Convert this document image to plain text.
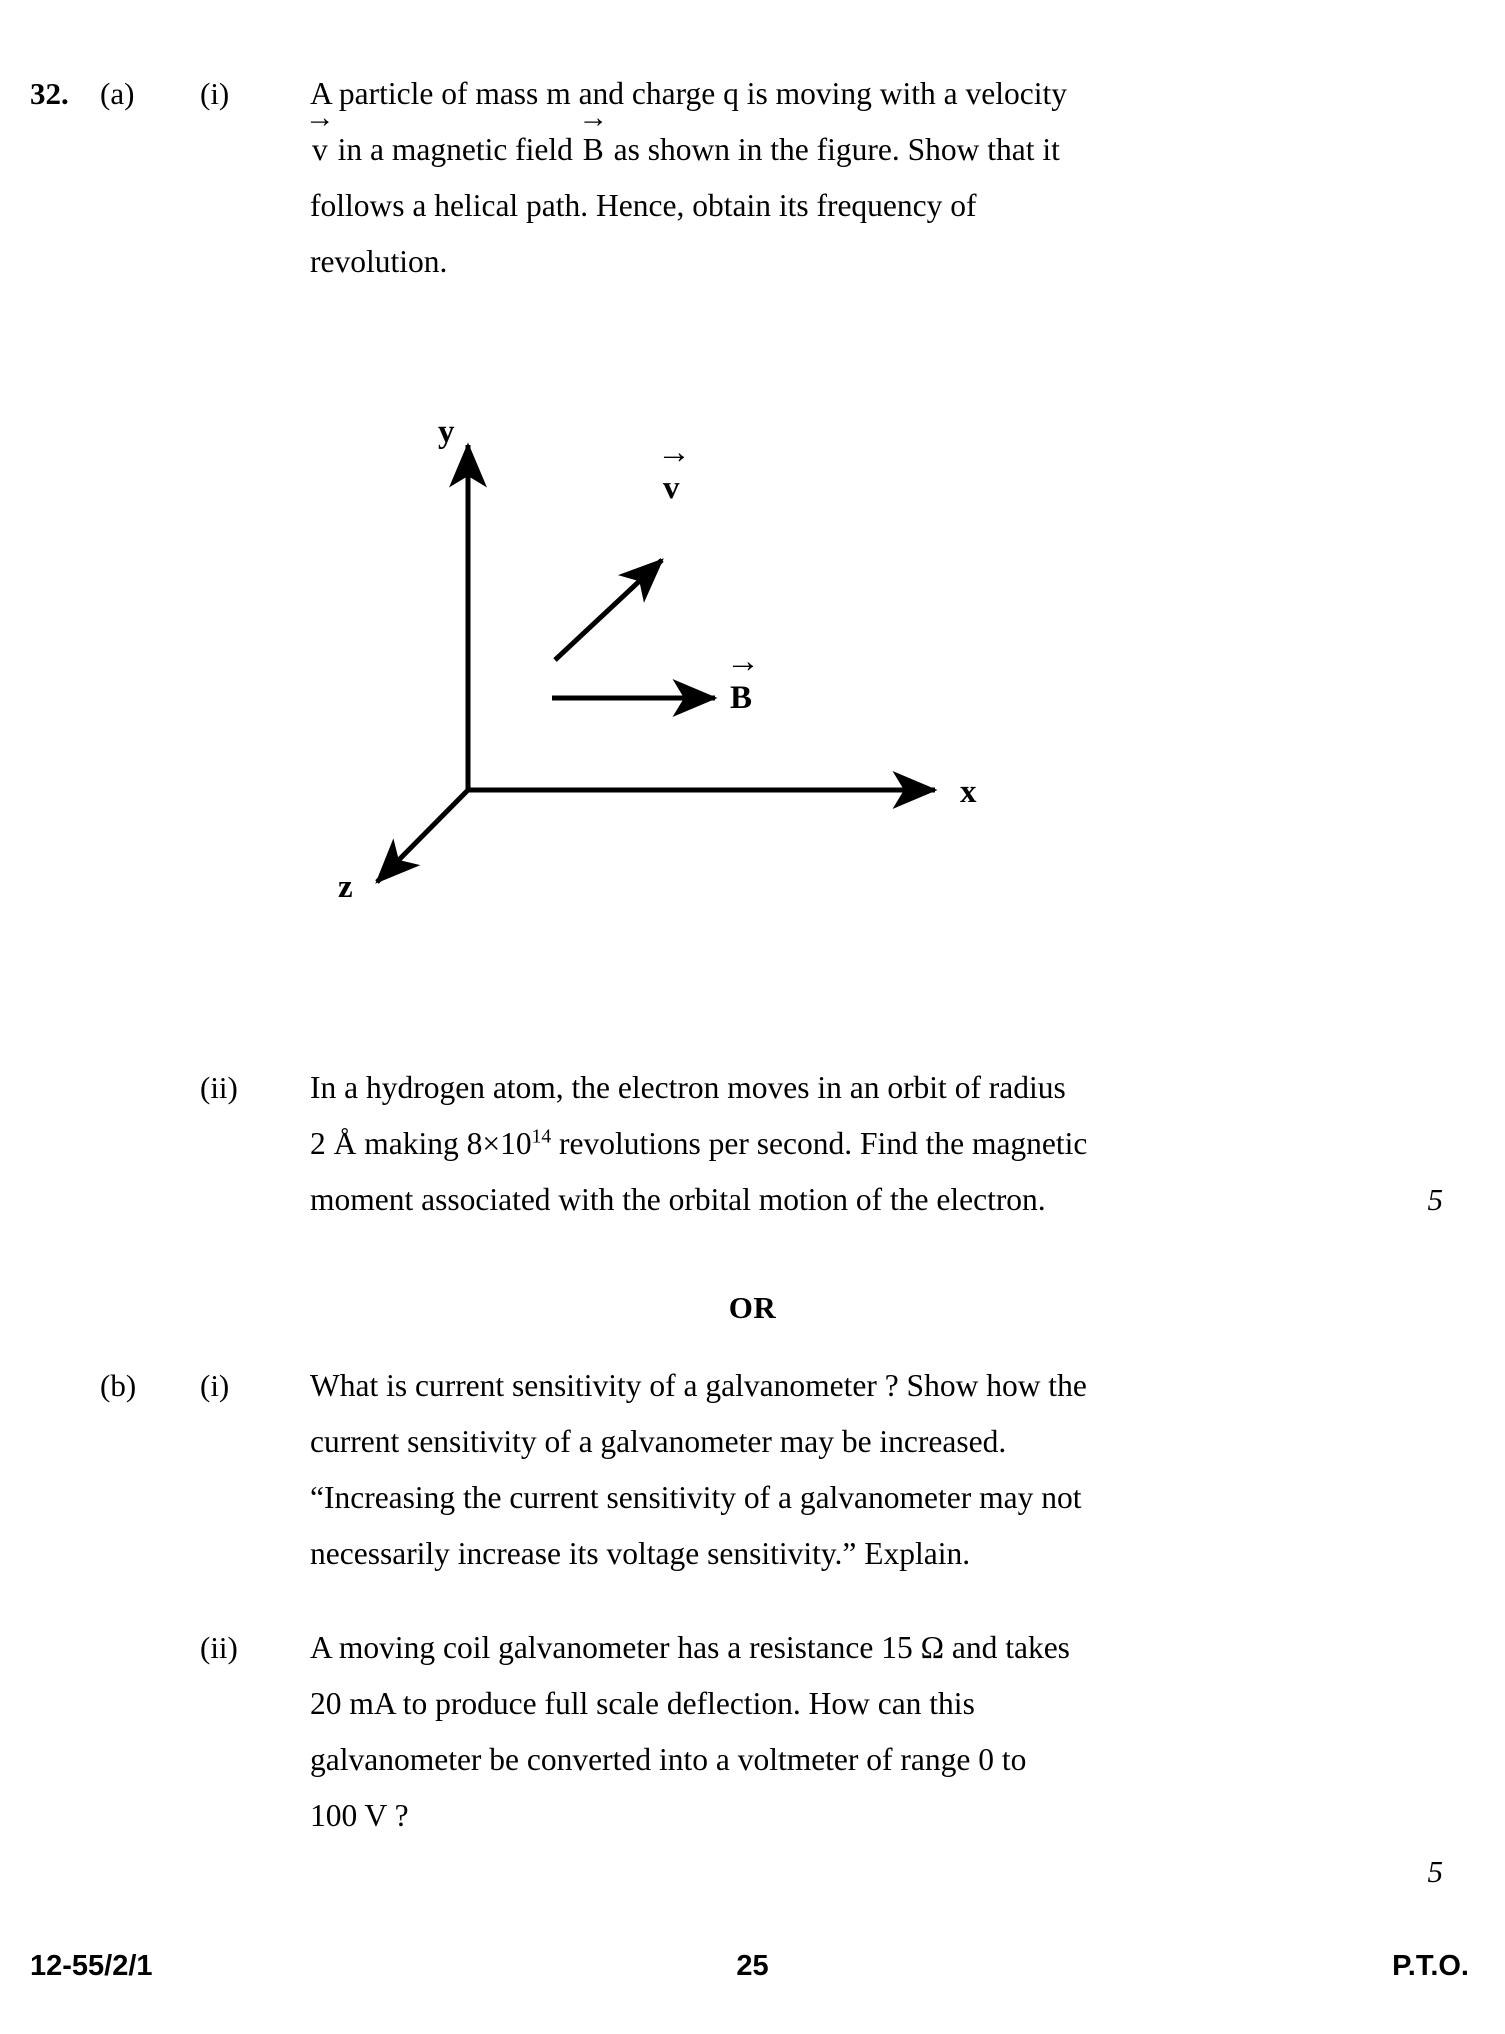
32.	(a)	(i)	A particle of mass m and charge q is moving with a velocity

→
v in a magnetic field
→
B as shown in the figure. Show that it

follows a helical path. Hence, obtain its frequency of

revolution.

y
x
z
→
v
→
B
(ii)	In a hydrogen atom, the electron moves in an orbit of radius

2 Å making $8\times 10^{14}$ revolutions per second. Find the magnetic

moment associated with the orbital motion of the electron.	5
OR
(b)	(i)	What is current sensitivity of a galvanometer ? Show how the

current sensitivity of a galvanometer may be increased.

“Increasing the current sensitivity of a galvanometer may not

necessarily increase its voltage sensitivity.” Explain.

(ii)	A moving coil galvanometer has a resistance 15 Ω and takes

20 mA to produce full scale deflection. How can this

galvanometer be converted into a voltmeter of range 0 to

100 V ?

5
12-55/2/1	25	P.T.O.
